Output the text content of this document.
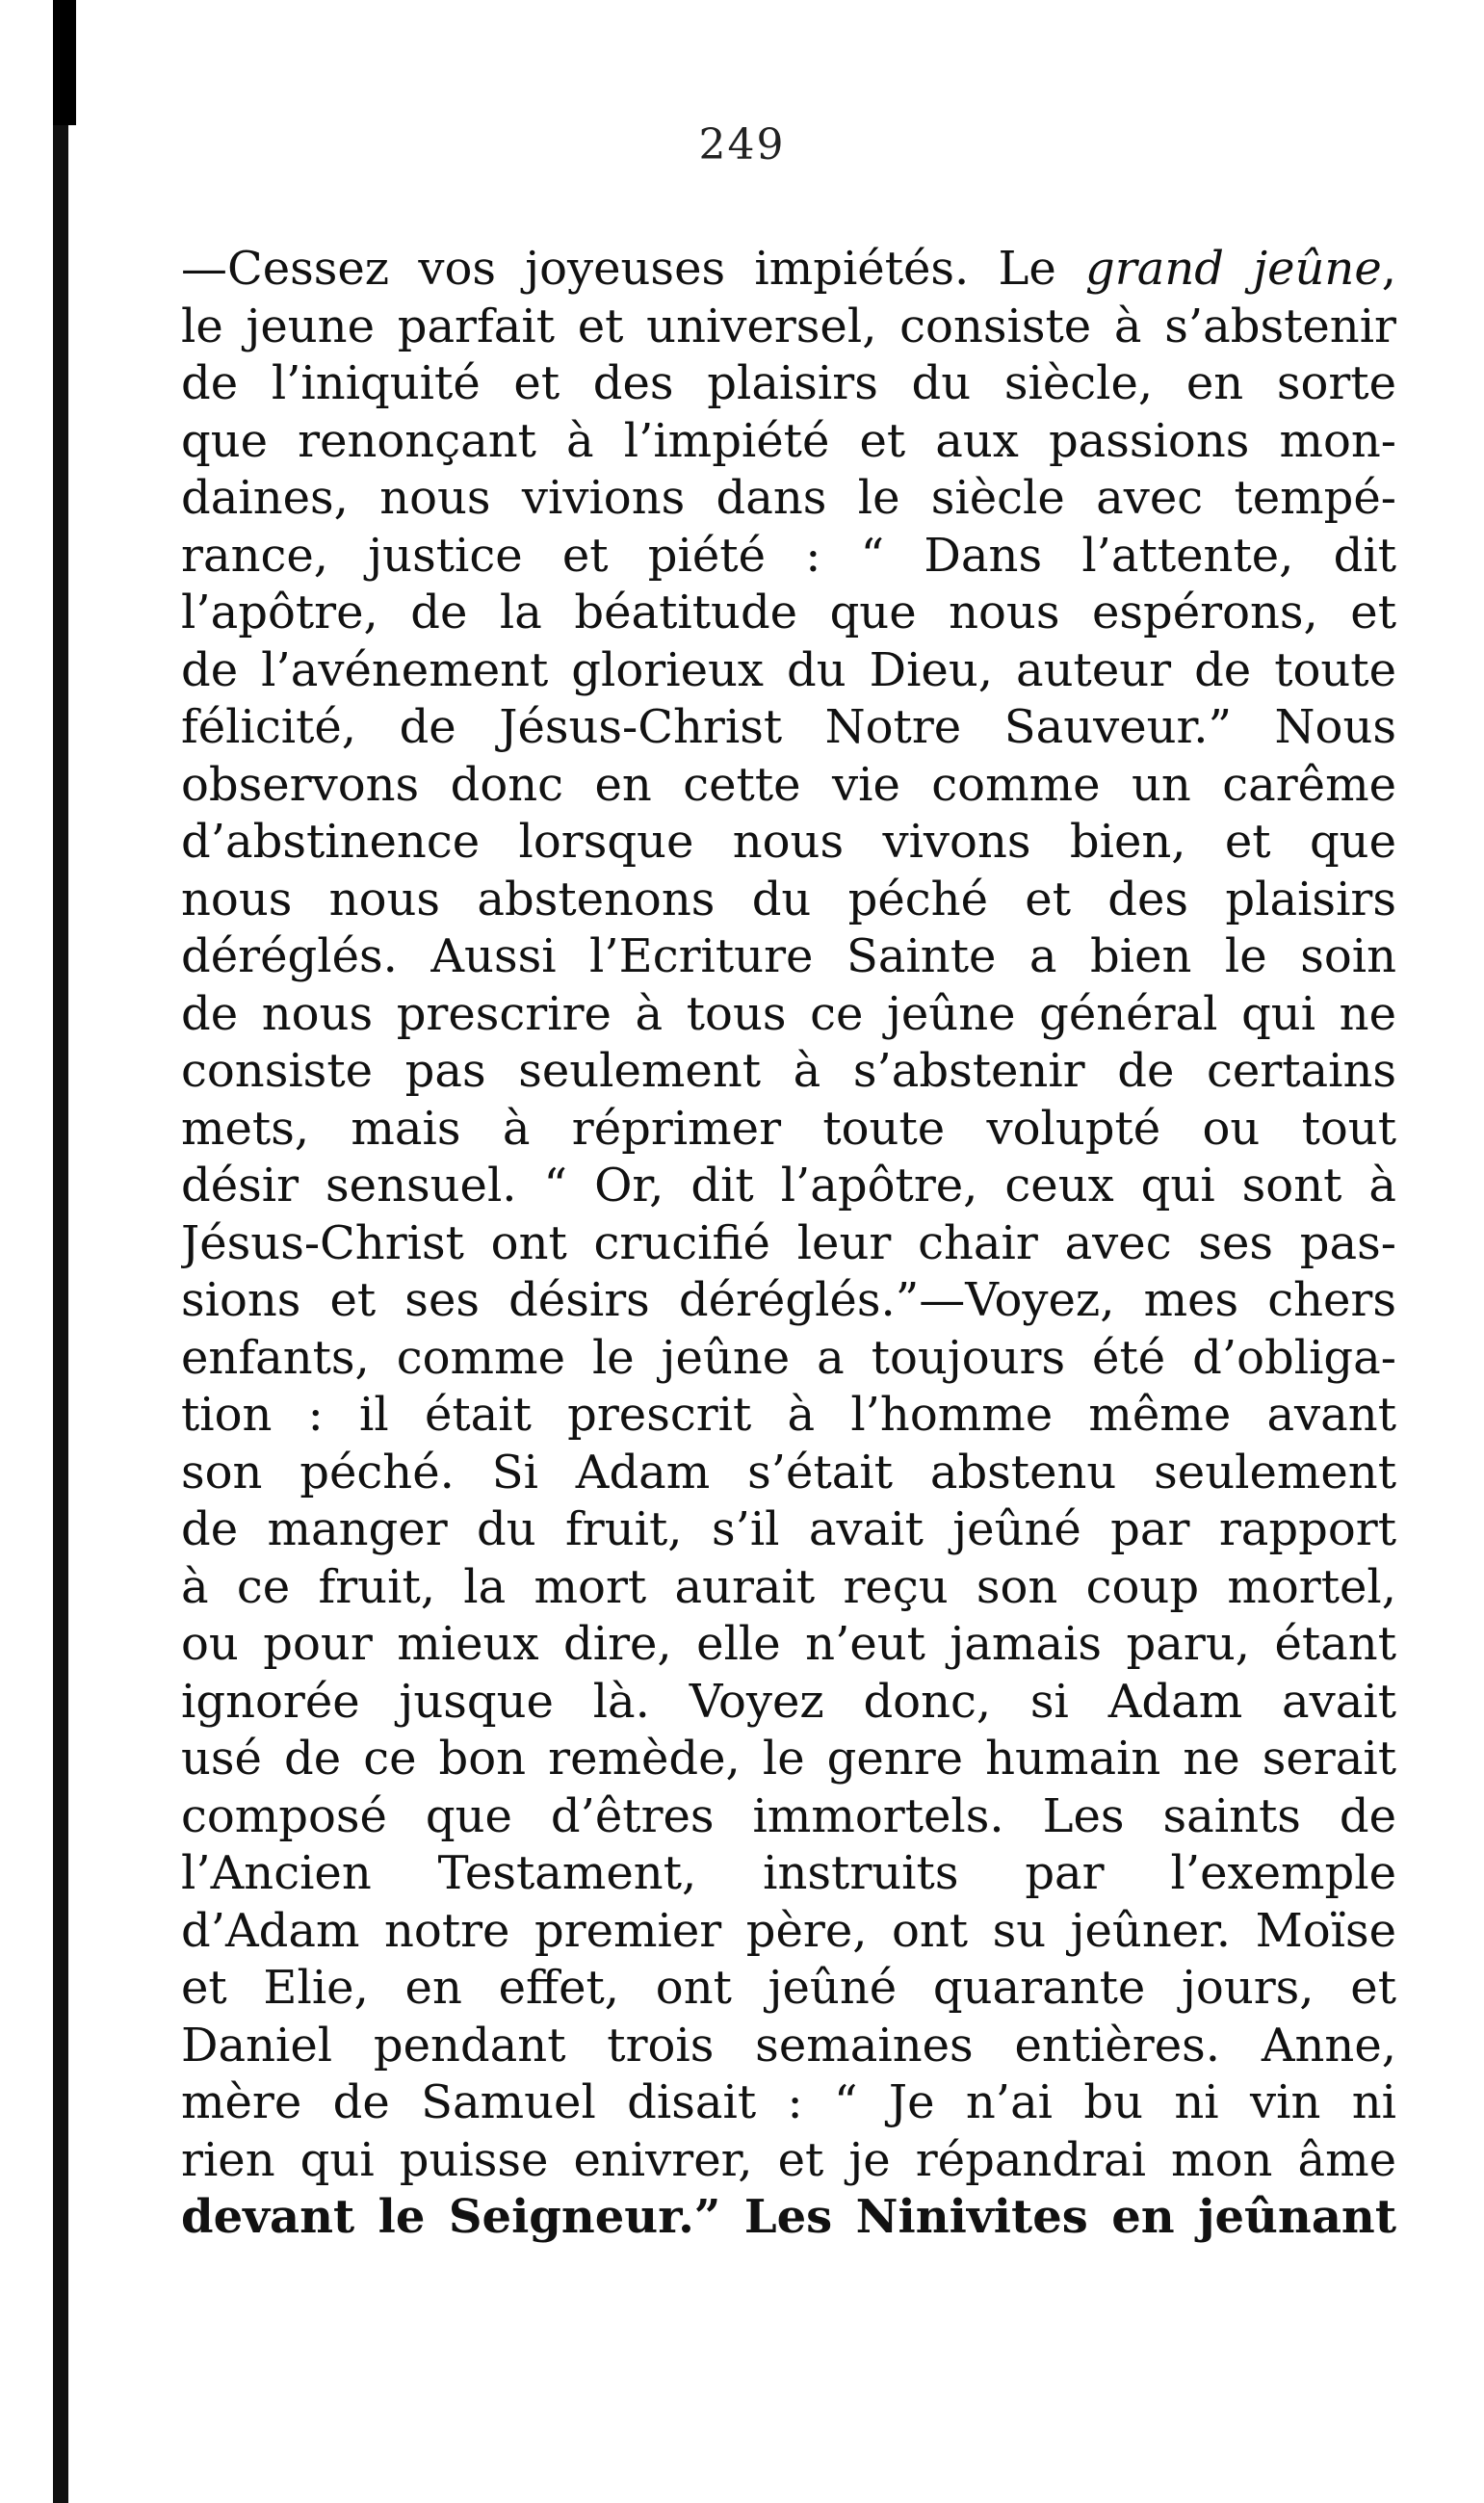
249
—Cessez vos joyeuses impiétés. Le grand jeûne,
le jeune parfait et universel, consiste à s’abstenir
de l’iniquité et des plaisirs du siècle, en sorte
que renonçant à l’impiété et aux passions mon-
daines, nous vivions dans le siècle avec tempé-
rance, justice et piété : “ Dans l’attente, dit
l’apôtre, de la béatitude que nous espérons, et
de l’avénement glorieux du Dieu, auteur de toute
félicité, de Jésus-Christ Notre Sauveur.” Nous
observons donc en cette vie comme un carême
d’abstinence lorsque nous vivons bien, et que
nous nous abstenons du péché et des plaisirs
déréglés. Aussi l’Ecriture Sainte a bien le soin
de nous prescrire à tous ce jeûne général qui ne
consiste pas seulement à s’abstenir de certains
mets, mais à réprimer toute volupté ou tout
désir sensuel. “ Or, dit l’apôtre, ceux qui sont à
Jésus-Christ ont crucifié leur chair avec ses pas-
sions et ses désirs déréglés.”—Voyez, mes chers
enfants, comme le jeûne a toujours été d’obliga-
tion : il était prescrit à l’homme même avant
son péché. Si Adam s’était abstenu seulement
de manger du fruit, s’il avait jeûné par rapport
à ce fruit, la mort aurait reçu son coup mortel,
ou pour mieux dire, elle n’eut jamais paru, étant
ignorée jusque là. Voyez donc, si Adam avait
usé de ce bon remède, le genre humain ne serait
composé que d’êtres immortels. Les saints de
l’Ancien Testament, instruits par l’exemple
d’Adam notre premier père, ont su jeûner. Moïse
et Elie, en effet, ont jeûné quarante jours, et
Daniel pendant trois semaines entières. Anne,
mère de Samuel disait : “ Je n’ai bu ni vin ni
rien qui puisse enivrer, et je répandrai mon âme
devant le Seigneur.” Les Ninivites en jeûnant
